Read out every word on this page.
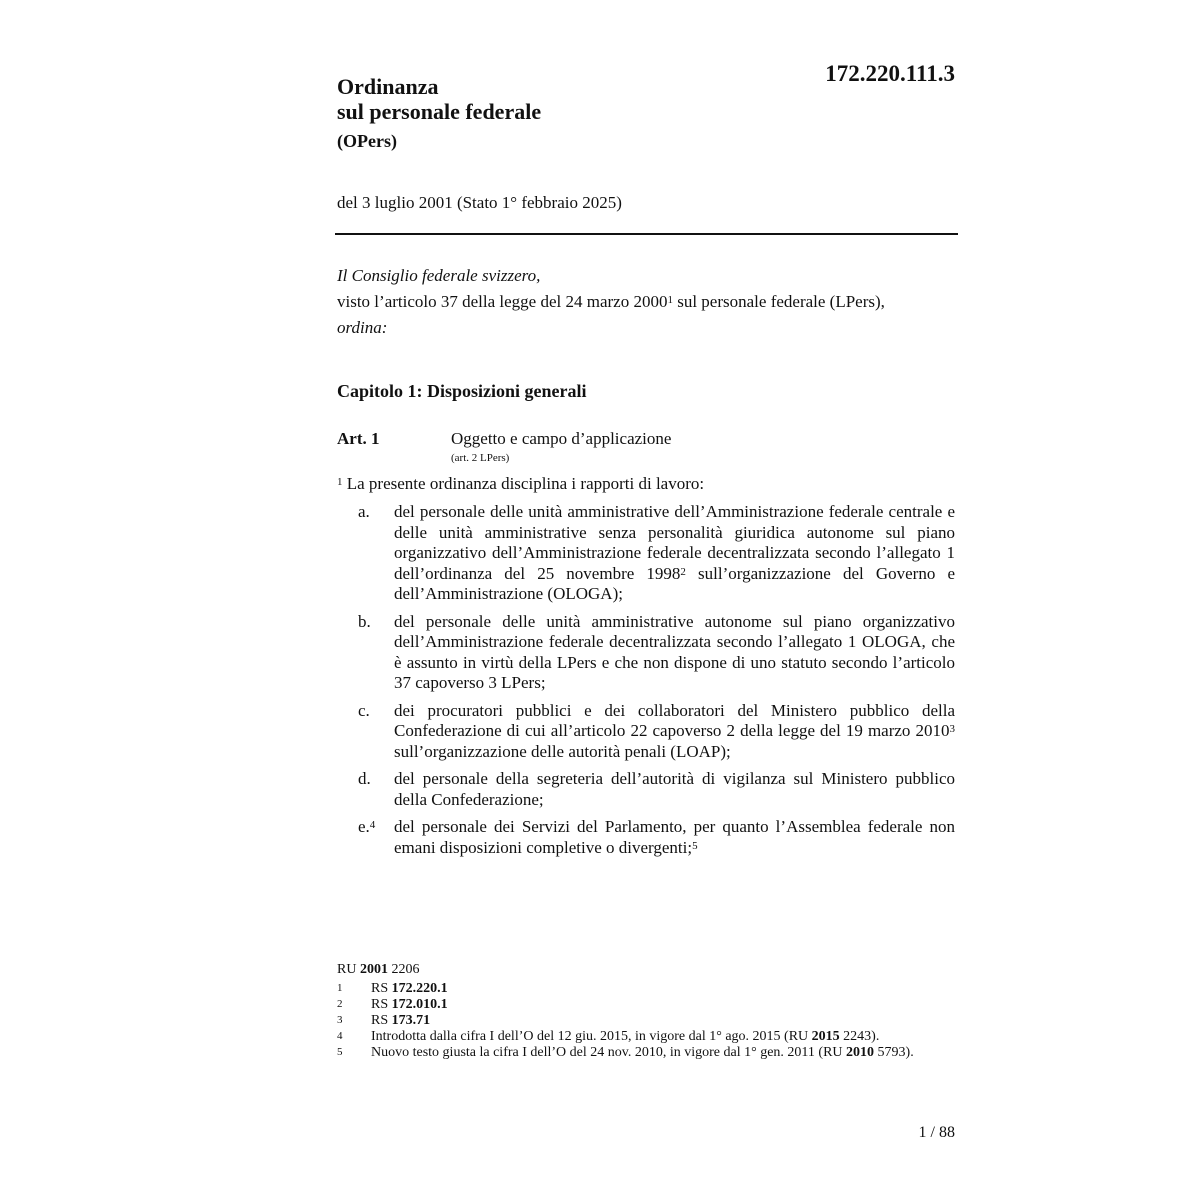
172.220.111.3
Ordinanza
sul personale federale
(OPers)
del 3 luglio 2001 (Stato 1° febbraio 2025)
Il Consiglio federale svizzero,
visto l’articolo 37 della legge del 24 marzo 2000$^1$ sul personale federale (LPers),
ordina:
Capitolo 1: Disposizioni generali
Art. 1	Oggetto e campo d’applicazione
(art. 2 LPers)
$^1$ La presente ordinanza disciplina i rapporti di lavoro:
a.	del personale delle unità amministrative dell’Amministrazione federale centrale e delle unità amministrative senza personalità giuridica autonome sul piano organizzativo dell’Amministrazione federale decentralizzata secondo l’allegato 1 dell’ordinanza del 25 novembre 1998$^2$ sull’organizzazione del Governo e dell’Amministrazione (OLOGA);
b.	del personale delle unità amministrative autonome sul piano organizzativo dell’Amministrazione federale decentralizzata secondo l’allegato 1 OLOGA, che è assunto in virtù della LPers e che non dispone di uno statuto secondo l’articolo 37 capoverso 3 LPers;
c.	dei procuratori pubblici e dei collaboratori del Ministero pubblico della Confederazione di cui all’articolo 22 capoverso 2 della legge del 19 marzo 2010$^3$ sull’organizzazione delle autorità penali (LOAP);
d.	del personale della segreteria dell’autorità di vigilanza sul Ministero pubblico della Confederazione;
e.$^4$	del personale dei Servizi del Parlamento, per quanto l’Assemblea federale non emani disposizioni completive o divergenti;$^5$
RU 2001 2206
1	RS 172.220.1
2	RS 172.010.1
3	RS 173.71
4	Introdotta dalla cifra I dell’O del 12 giu. 2015, in vigore dal 1° ago. 2015 (RU 2015 2243).
5	Nuovo testo giusta la cifra I dell’O del 24 nov. 2010, in vigore dal 1° gen. 2011 (RU 2010 5793).
1 / 88
